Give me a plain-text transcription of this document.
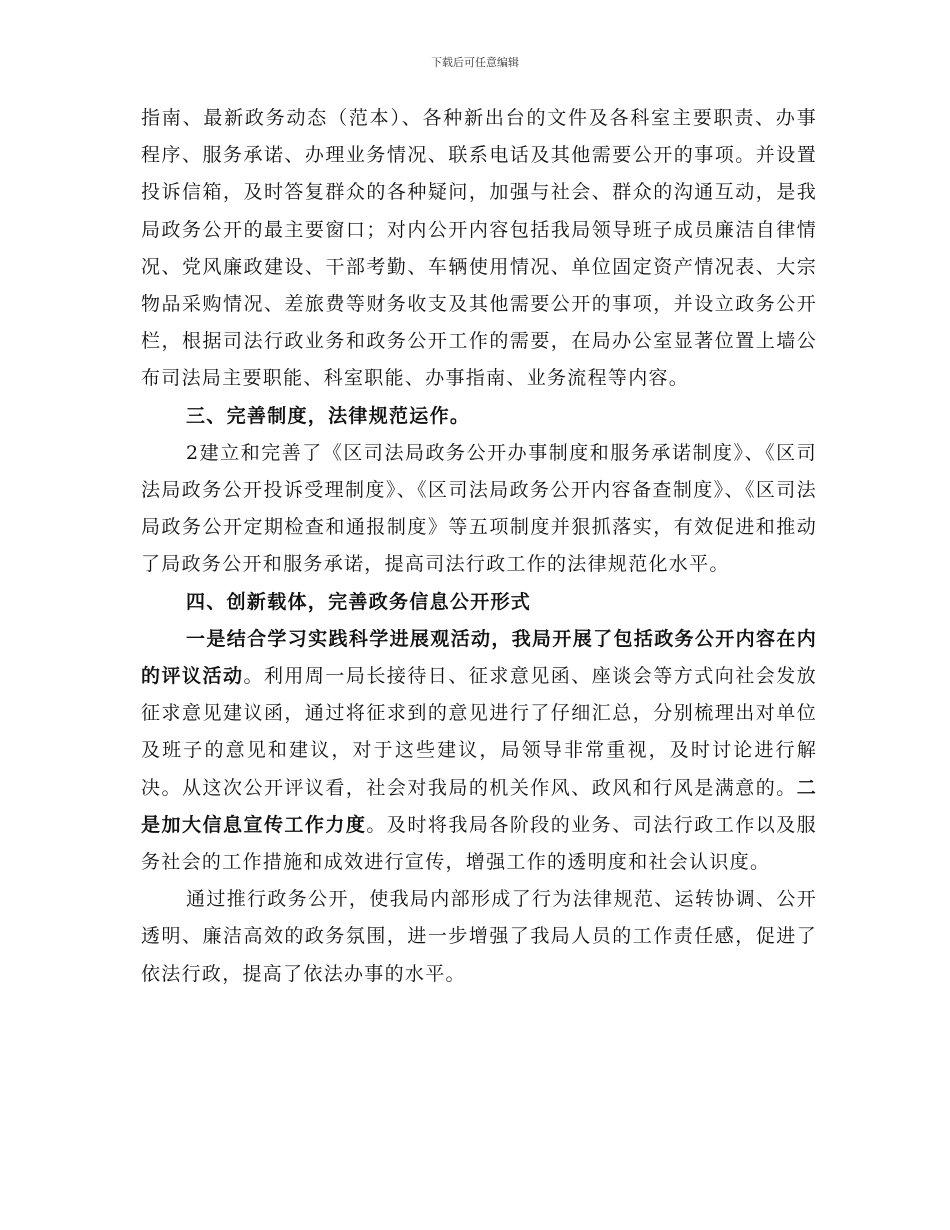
下载后可任意编辑

指南、最新政务动态（范本）、各种新出台的文件及各科室主要职责、办事程序、服务承诺、办理业务情况、联系电话及其他需要公开的事项。并设置投诉信箱，及时答复群众的各种疑问，加强与社会、群众的沟通互动，是我局政务公开的最主要窗口；对内公开内容包括我局领导班子成员廉洁自律情况、党风廉政建设、干部考勤、车辆使用情况、单位固定资产情况表、大宗物品采购情况、差旅费等财务收支及其他需要公开的事项，并设立政务公开栏，根据司法行政业务和政务公开工作的需要，在局办公室显著位置上墙公布司法局主要职能、科室职能、办事指南、业务流程等内容。

三、完善制度，法律规范运作。

2建立和完善了《区司法局政务公开办事制度和服务承诺制度》、《区司法局政务公开投诉受理制度》、《区司法局政务公开内容备查制度》、《区司法局政务公开定期检查和通报制度》等五项制度并狠抓落实，有效促进和推动了局政务公开和服务承诺，提高司法行政工作的法律规范化水平。

四、创新载体，完善政务信息公开形式

一是结合学习实践科学进展观活动，我局开展了包括政务公开内容在内的评议活动。利用周一局长接待日、征求意见函、座谈会等方式向社会发放征求意见建议函，通过将征求到的意见进行了仔细汇总，分别梳理出对单位及班子的意见和建议，对于这些建议，局领导非常重视，及时讨论进行解决。从这次公开评议看，社会对我局的机关作风、政风和行风是满意的。二是加大信息宣传工作力度。及时将我局各阶段的业务、司法行政工作以及服务社会的工作措施和成效进行宣传，增强工作的透明度和社会认识度。

通过推行政务公开，使我局内部形成了行为法律规范、运转协调、公开透明、廉洁高效的政务氛围，进一步增强了我局人员的工作责任感，促进了依法行政，提高了依法办事的水平。
